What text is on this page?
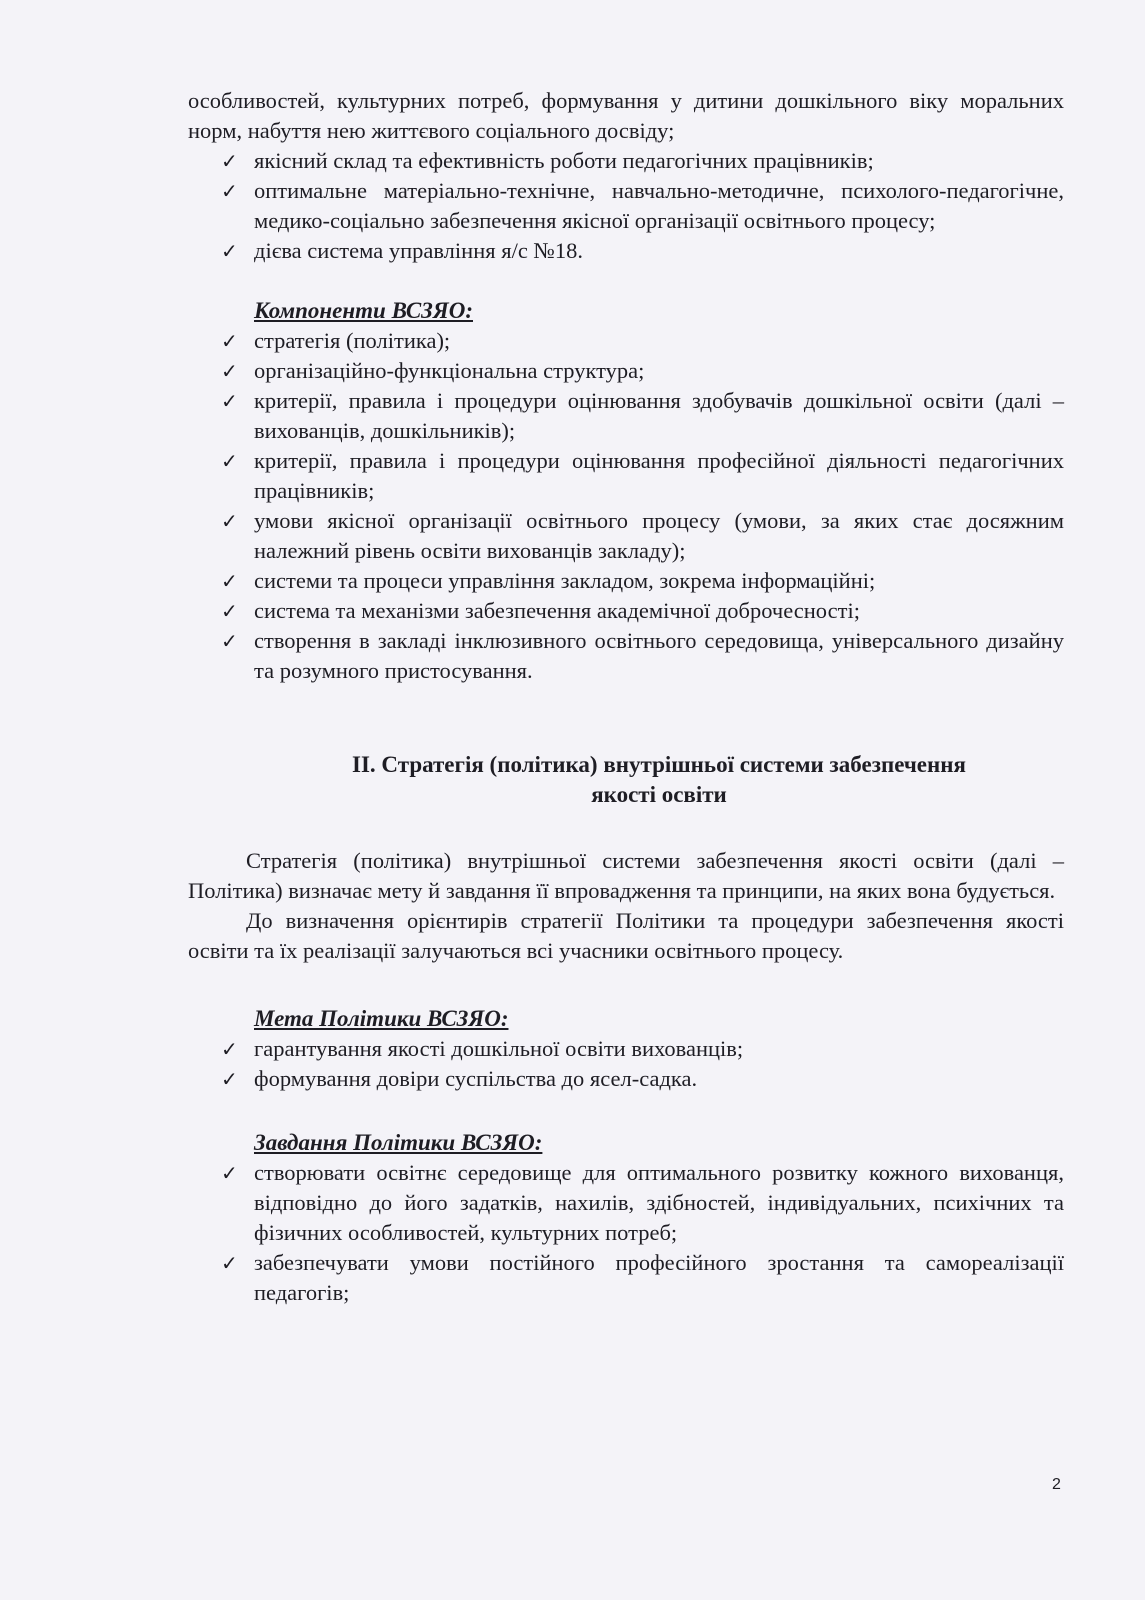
особливостей, культурних потреб, формування у дитини дошкільного віку моральних норм, набуття нею життєвого соціального досвіду;

✓ якісний склад та ефективність роботи педагогічних працівників;
✓ оптимальне матеріально-технічне, навчально-методичне, психолого-педагогічне, медико-соціально забезпечення якісної організації освітнього процесу;
✓ дієва система управління я/с №18.

Компоненти ВСЗЯО:

✓ стратегія (політика);
✓ організаційно-функціональна структура;
✓ критерії, правила і процедури оцінювання здобувачів дошкільної освіти (далі – вихованців, дошкільників);
✓ критерії, правила і процедури оцінювання професійної діяльності педагогічних працівників;
✓ умови якісної організації освітнього процесу (умови, за яких стає досяжним належний рівень освіти вихованців закладу);
✓ системи та процеси управління закладом, зокрема інформаційні;
✓ система та механізми забезпечення академічної доброчесності;
✓ створення в закладі інклюзивного освітнього середовища, універсального дизайну та розумного пристосування.
ІІ. Стратегія (політика) внутрішньої системи забезпечення
якості освіти

Стратегія (політика) внутрішньої системи забезпечення якості освіти (далі – Політика) визначає мету й завдання її впровадження та принципи, на яких вона будується.

До визначення орієнтирів стратегії Політики та процедури забезпечення якості освіти та їх реалізації залучаються всі учасники освітнього процесу.

Мета Політики ВСЗЯО:

✓ гарантування якості дошкільної освіти вихованців;
✓ формування довіри суспільства до ясел-садка.

Завдання Політики ВСЗЯО:

✓ створювати освітнє середовище для оптимального розвитку кожного вихованця, відповідно до його задатків, нахилів, здібностей, індивідуальних, психічних та фізичних особливостей, культурних потреб;
✓ забезпечувати умови постійного професійного зростання та самореалізації педагогів;
2
